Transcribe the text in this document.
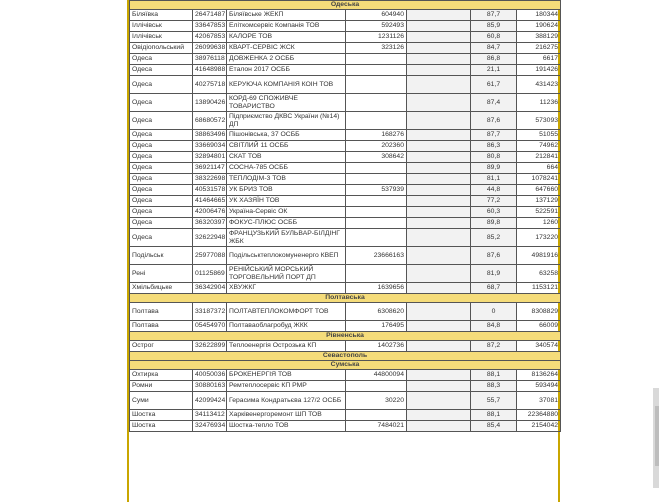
Одеська						
Біляївка	26471487	Біляївське ЖЕКП	604940		87,7	180344
Іллічівськ	33647853	Еліткомсервіс Компанія ТОВ	592493		85,9	190624
Іллічівськ	42067853	КАЛОРЕ ТОВ	1231126		60,8	388129
Овідіопольський	26099638	КВАРТ-СЕРВІС ЖСК	323126		84,7	216275
Одеса	38976118	ДОВЖЕНКА 2 ОСББ			86,8	6617
Одеса	41648988	Еталон 2017 ОСББ			21,1	191426
Одеса	40275718	КЕРУЮЧА КОМПАНІЯ КОІН ТОВ			61,7	431423
Одеса	13890426	КОРД-69 СПОЖИВЧЕ ТОВАРИСТВО			87,4	11236
Одеса	68680572	Підприємство ДКВС України (№14) ДП			87,6	573093
Одеса	38863496	Пішонівська, 37 ОСББ	168276		87,7	51055
Одеса	33669034	СВІТЛИЙ 11 ОСББ	202360		86,3	74962
Одеса	32894801	СКАТ ТОВ	308642		80,8	212841
Одеса	36921147	СОСНА-785 ОСББ			89,9	664
Одеса	38322698	ТЕПЛОДІМ-3 ТОВ			81,1	1078241
Одеса	40531578	УК БРИЗ ТОВ	537939		44,8	647660
Одеса	41464665	УК ХАЗЯЇН ТОВ			77,2	137129
Одеса	42006476	Україна-Сервіс ОК			60,3	522591
Одеса	36320397	ФОКУС-ПЛЮС ОСББ			89,8	1260
Одеса	32622948	ФРАНЦУЗЬКИЙ БУЛЬВАР-БІЛДІНГ ЖБК			85,2	173220
Подільськ	25977088	Подільськтеплокомуненерго КВЕП	23666163		87,6	4981916
Рені	01125869	РЕНІЙСЬКИЙ МОРСЬКИЙ ТОРГОВЕЛЬНИЙ ПОРТ ДП			81,9	63258
Хмільбицьке	36342904	ХВУЖКГ	1639656		68,7	1153121
Полтавська						
Полтава	33187372	ПОЛТАВТЕПЛОКОМФОРТ ТОВ	6308620		0	8308829
Полтава	05454970	Полтаваоблагробуд ЖКК	176495		84,8	66009
Рівненська						
Острог	32622899	Теплоенергія Острозька КП	1402736		87,2	340574
Севастополь						
Сумська						
Охтирка	40050036	БРОКЕНЕРГІЯ ТОВ	44800094		88,1	8136264
Ромни	30880163	Ремтеплосервіс КП РМР			88,3	593494
Суми	42099424	Герасима Кондратьєва 127/2 ОСББ	30220		55,7	37081
Шостка	34113412	Харківенергоремонт ШП ТОВ			88,1	22364880
Шостка	32476934	Шостка-тепло ТОВ	7484021		85,4	2154042
